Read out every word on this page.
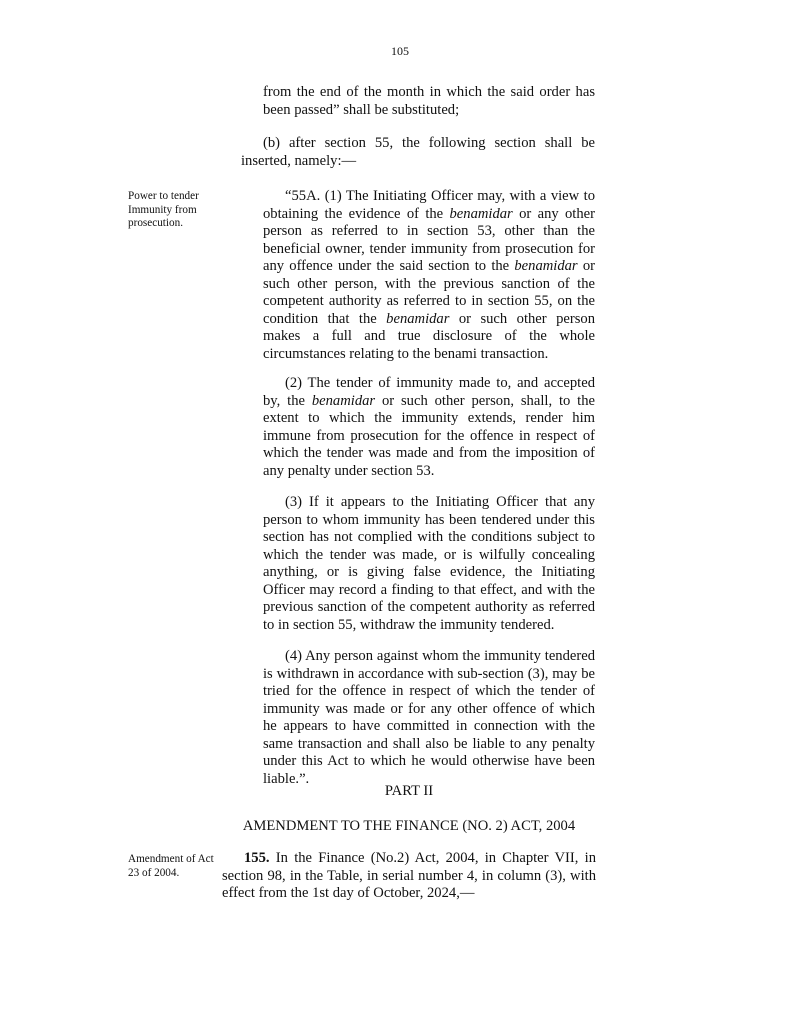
105

from the end of the month in which the said order has been passed” shall be substituted;

(b) after section 55, the following section shall be inserted, namely:—

Power to tender Immunity from prosecution.

“55A. (1) The Initiating Officer may, with a view to obtaining the evidence of the benamidar or any other person as referred to in section 53, other than the beneficial owner, tender immunity from prosecution for any offence under the said section to the benamidar or such other person, with the previous sanction of the competent authority as referred to in section 55, on the condition that the benamidar or such other person makes a full and true disclosure of the whole circumstances relating to the benami transaction.

(2) The tender of immunity made to, and accepted by, the benamidar or such other person, shall, to the extent to which the immunity extends, render him immune from prosecution for the offence in respect of which the tender was made and from the imposition of any penalty under section 53.

(3) If it appears to the Initiating Officer that any person to whom immunity has been tendered under this section has not complied with the conditions subject to which the tender was made, or is wilfully concealing anything, or is giving false evidence, the Initiating Officer may record a finding to that effect, and with the previous sanction of the competent authority as referred to in section 55, withdraw the immunity tendered.

(4) Any person against whom the immunity tendered is withdrawn in accordance with sub-section (3), may be tried for the offence in respect of which the tender of immunity was made or for any other offence of which he appears to have committed in connection with the same transaction and shall also be liable to any penalty under this Act to which he would otherwise have been liable.”.

PART II
AMENDMENT TO THE FINANCE (NO. 2) ACT, 2004
Amendment of Act 23 of 2004.

155. In the Finance (No.2) Act, 2004, in Chapter VII, in section 98, in the Table, in serial number 4, in column (3), with effect from the 1st day of October, 2024,—
